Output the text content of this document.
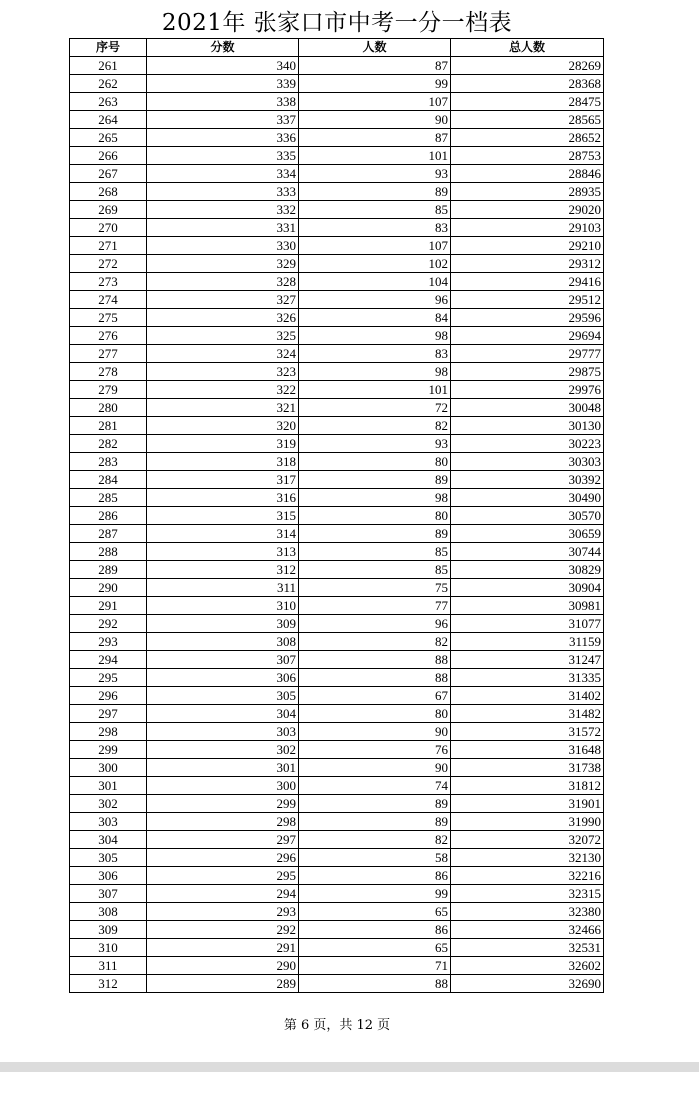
2021年 张家口市中考一分一档表
序号	分数	人数	总人数
261	340	87	28269
262	339	99	28368
263	338	107	28475
264	337	90	28565
265	336	87	28652
266	335	101	28753
267	334	93	28846
268	333	89	28935
269	332	85	29020
270	331	83	29103
271	330	107	29210
272	329	102	29312
273	328	104	29416
274	327	96	29512
275	326	84	29596
276	325	98	29694
277	324	83	29777
278	323	98	29875
279	322	101	29976
280	321	72	30048
281	320	82	30130
282	319	93	30223
283	318	80	30303
284	317	89	30392
285	316	98	30490
286	315	80	30570
287	314	89	30659
288	313	85	30744
289	312	85	30829
290	311	75	30904
291	310	77	30981
292	309	96	31077
293	308	82	31159
294	307	88	31247
295	306	88	31335
296	305	67	31402
297	304	80	31482
298	303	90	31572
299	302	76	31648
300	301	90	31738
301	300	74	31812
302	299	89	31901
303	298	89	31990
304	297	82	32072
305	296	58	32130
306	295	86	32216
307	294	99	32315
308	293	65	32380
309	292	86	32466
310	291	65	32531
311	290	71	32602
312	289	88	32690
第 6 页，共 12 页
